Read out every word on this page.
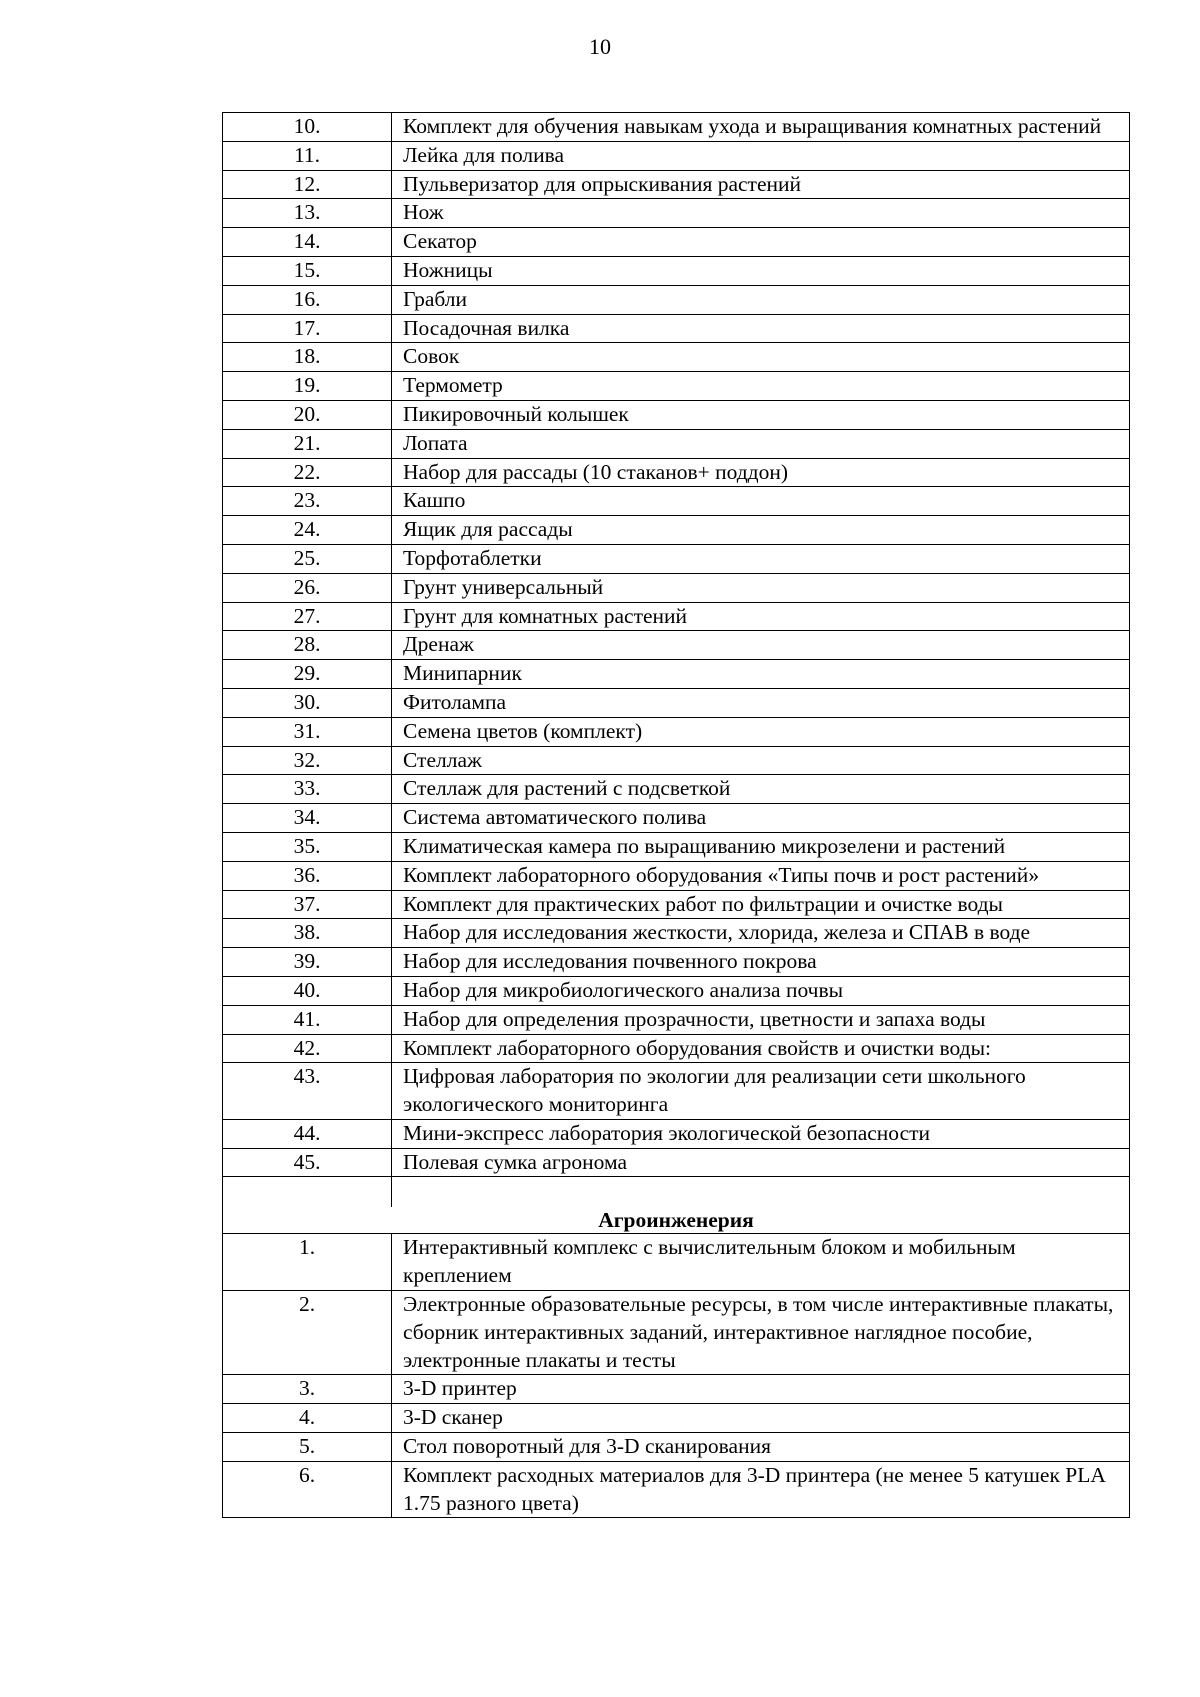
10
10.	Комплект для обучения навыкам ухода и выращивания комнатных растений
11.	Лейка для полива
12.	Пульверизатор для опрыскивания растений
13.	Нож
14.	Секатор
15.	Ножницы
16.	Грабли
17.	Посадочная вилка
18.	Совок
19.	Термометр
20.	Пикировочный колышек
21.	Лопата
22.	Набор для рассады (10 стаканов+ поддон)
23.	Кашпо
24.	Ящик для рассады
25.	Торфотаблетки
26.	Грунт универсальный
27.	Грунт для комнатных растений
28.	Дренаж
29.	Минипарник
30.	Фитолампа
31.	Семена цветов (комплект)
32.	Стеллаж
33.	Стеллаж для растений с подсветкой
34.	Система автоматического полива
35.	Климатическая камера по выращиванию микрозелени и растений
36.	Комплект лабораторного оборудования «Типы почв и рост растений»
37.	Комплект для практических работ по фильтрации и очистке воды
38.	Набор для исследования жесткости, хлорида, железа и СПАВ в воде
39.	Набор для исследования почвенного покрова
40.	Набор для микробиологического анализа почвы
41.	Набор для определения прозрачности, цветности и запаха воды
42.	Комплект лабораторного оборудования свойств и очистки воды:
43.	Цифровая лаборатория по экологии для реализации сети школьного экологического мониторинга
44.	Мини-экспресс лаборатория экологической безопасности
45.	Полевая сумка агронома

Агроинженерия	
1.	Интерактивный комплекс с вычислительным блоком и мобильным креплением
2.	Электронные образовательные ресурсы, в том числе интерактивные плакаты, сборник интерактивных заданий, интерактивное наглядное пособие, электронные плакаты и тесты
3.	3-D принтер
4.	3-D сканер
5.	Стол поворотный для 3-D сканирования
6.	Комплект расходных материалов для 3-D принтера (не менее 5 катушек PLA 1.75 разного цвета)
